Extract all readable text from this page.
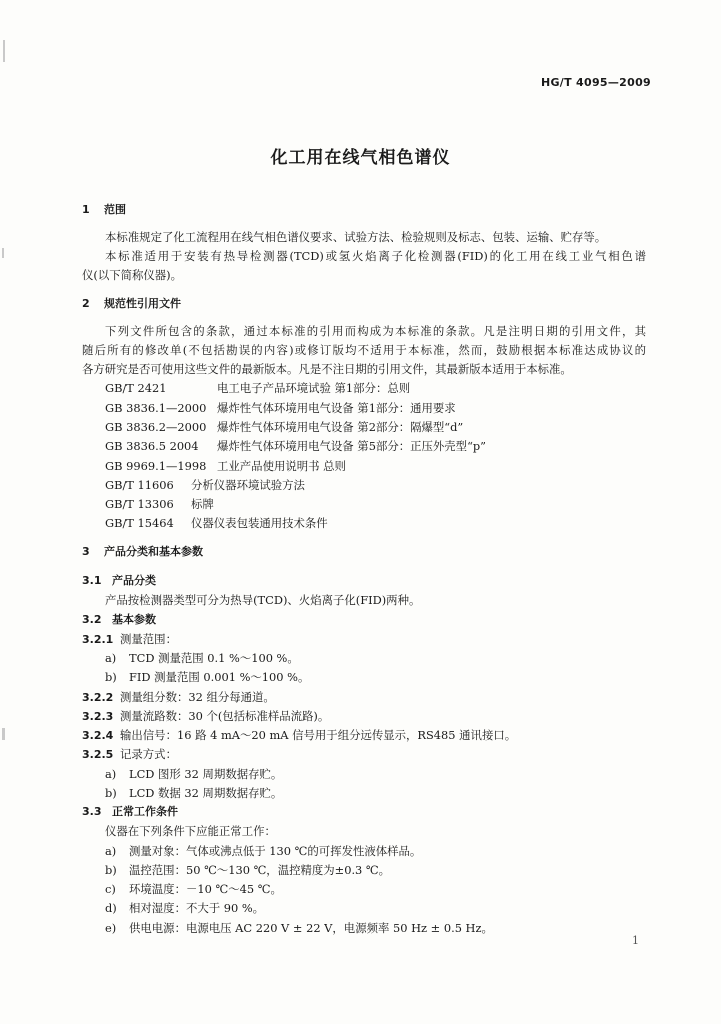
HG/T 4095—2009
化工用在线气相色谱仪
1 范围
本标准规定了化工流程用在线气相色谱仪要求、试验方法、检验规则及标志、包装、运输、贮存等。
本标准适用于安装有热导检测器(TCD)或氢火焰离子化检测器(FID)的化工用在线工业气相色谱
仪(以下简称仪器)。
2 规范性引用文件
下列文件所包含的条款，通过本标准的引用而构成为本标准的条款。凡是注明日期的引用文件，其
随后所有的修改单(不包括勘误的内容)或修订版均不适用于本标准，然而，鼓励根据本标准达成协议的
各方研究是否可使用这些文件的最新版本。凡是不注日期的引用文件，其最新版本适用于本标准。
GB/T 2421	电工电子产品环境试验 第1部分：总则
GB 3836.1—2000 爆炸性气体环境用电气设备 第1部分：通用要求
GB 3836.2—2000 爆炸性气体环境用电气设备 第2部分：隔爆型“d”
GB 3836.5 2004 爆炸性气体环境用电气设备 第5部分：正压外壳型“p”
GB 9969.1—1998 工业产品使用说明书 总则
GB/T 11606 分析仪器环境试验方法
GB/T 13306 标牌
GB/T 15464 仪器仪表包装通用技术条件
3 产品分类和基本参数
3.1 产品分类
产品按检测器类型可分为热导(TCD)、火焰离子化(FID)两种。
3.2 基本参数
3.2.1 测量范围：
a) TCD 测量范围 0.1 %～100 %。
b) FID 测量范围 0.001 %～100 %。
3.2.2 测量组分数：32 组分每通道。
3.2.3 测量流路数：30 个(包括标准样品流路)。
3.2.4 输出信号：16 路 4 mA～20 mA 信号用于组分远传显示，RS485 通讯接口。
3.2.5 记录方式：
a) LCD 图形 32 周期数据存贮。
b) LCD 数据 32 周期数据存贮。
3.3 正常工作条件
仪器在下列条件下应能正常工作：
a) 测量对象：气体或沸点低于 130 ℃的可挥发性液体样品。
b) 温控范围：50 ℃～130 ℃，温控精度为±0.3 ℃。
c) 环境温度：－10 ℃～45 ℃。
d) 相对湿度：不大于 90 %。
e) 供电电源：电源电压 AC 220 V ± 22 V，电源频率 50 Hz ± 0.5 Hz。
1
